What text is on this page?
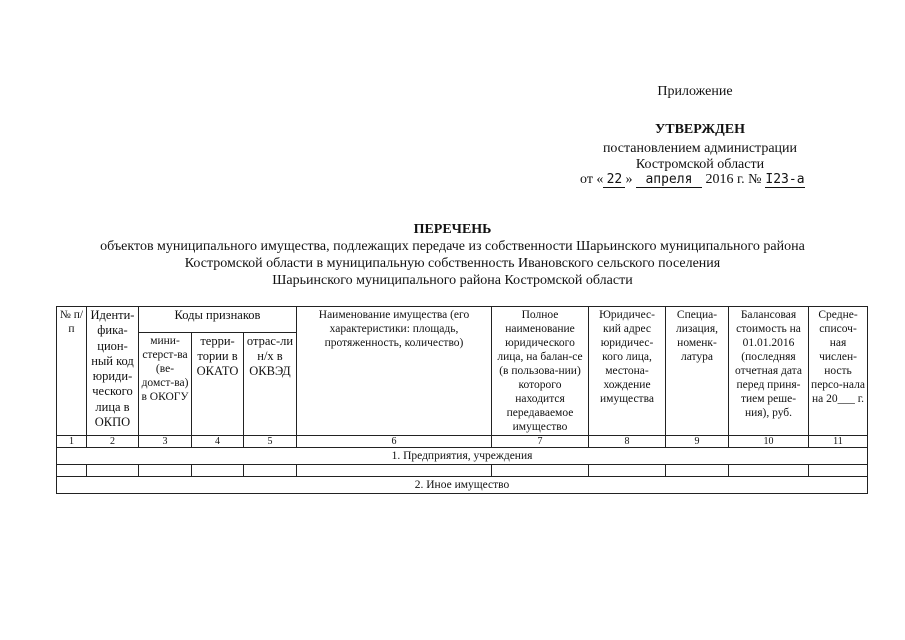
Приложение
УТВЕРЖДЕН
постановлением администрации
Костромской области
от « 22 » апреля 2016 г. № I23-а
ПЕРЕЧЕНЬ
объектов муниципального имущества, подлежащих передаче из собственности Шарьинского муниципального района
Костромской области в муниципальную собственность Ивановского сельского поселения
Шарьинского муниципального района Костромской области
№ п/п	Иденти-фика-цион-ный код юриди-ческого лица в ОКПО	Коды признаков			Наименование имущества (его характеристики: площадь, протяженность, количество)	Полное наименование юридического лица, на балан-се (в пользова-нии) которого находится передаваемое имущество	Юридичес-кий адрес юридичес-кого лица, местона-хождение имущества	Специа-лизация, номенк-латура	Балансовая стоимость на 01.01.2016 (последняя отчетная дата перед приня-тием реше-ния), руб.	Средне-списоч-ная числен-ность персо-нала на 20___ г.
		мини-стерст-ва (ве-домст-ва) в ОКОГУ	терри-тории в ОКАТО	отрас-ли н/х в ОКВЭД						
1	2	3	4	5	6	7	8	9	10	11
1. Предприятия, учреждения										

2. Иное имущество										
